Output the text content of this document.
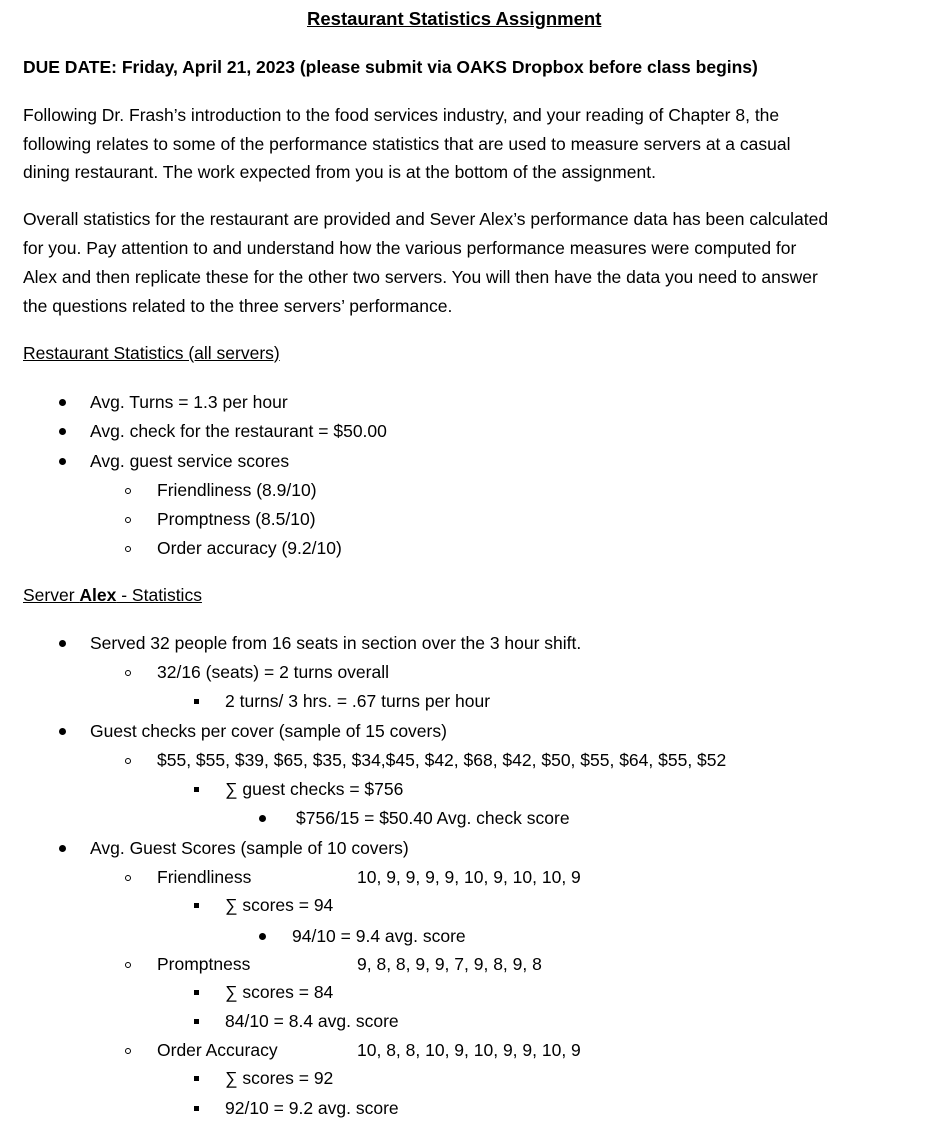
Restaurant Statistics Assignment
DUE DATE: Friday, April 21, 2023 (please submit via OAKS Dropbox before class begins)
Following Dr. Frash’s introduction to the food services industry, and your reading of Chapter 8, the
following relates to some of the performance statistics that are used to measure servers at a casual
dining restaurant. The work expected from you is at the bottom of the assignment.
Overall statistics for the restaurant are provided and Sever Alex’s performance data has been calculated
for you. Pay attention to and understand how the various performance measures were computed for
Alex and then replicate these for the other two servers. You will then have the data you need to answer
the questions related to the three servers’ performance.
Restaurant Statistics (all servers)
Avg. Turns = 1.3 per hour
Avg. check for the restaurant = $50.00
Avg. guest service scores
Friendliness (8.9/10)
Promptness (8.5/10)
Order accuracy (9.2/10)
Server Alex - Statistics
Served 32 people from 16 seats in section over the 3 hour shift.
32/16 (seats) = 2 turns overall
2 turns/ 3 hrs. = .67 turns per hour
Guest checks per cover (sample of 15 covers)
$55, $55, $39, $65, $35, $34,$45, $42, $68, $42, $50, $55, $64, $55, $52
∑ guest checks = $756
$756/15 = $50.40 Avg. check score
Avg. Guest Scores (sample of 10 covers)
Friendliness	10, 9, 9, 9, 9, 10, 9, 10, 10, 9
∑ scores = 94
94/10 = 9.4 avg. score
Promptness	9, 8, 8, 9, 9, 7, 9, 8, 9, 8
∑ scores = 84
84/10 = 8.4 avg. score
Order Accuracy	10, 8, 8, 10, 9, 10, 9, 9, 10, 9
∑ scores = 92
92/10 = 9.2 avg. score
